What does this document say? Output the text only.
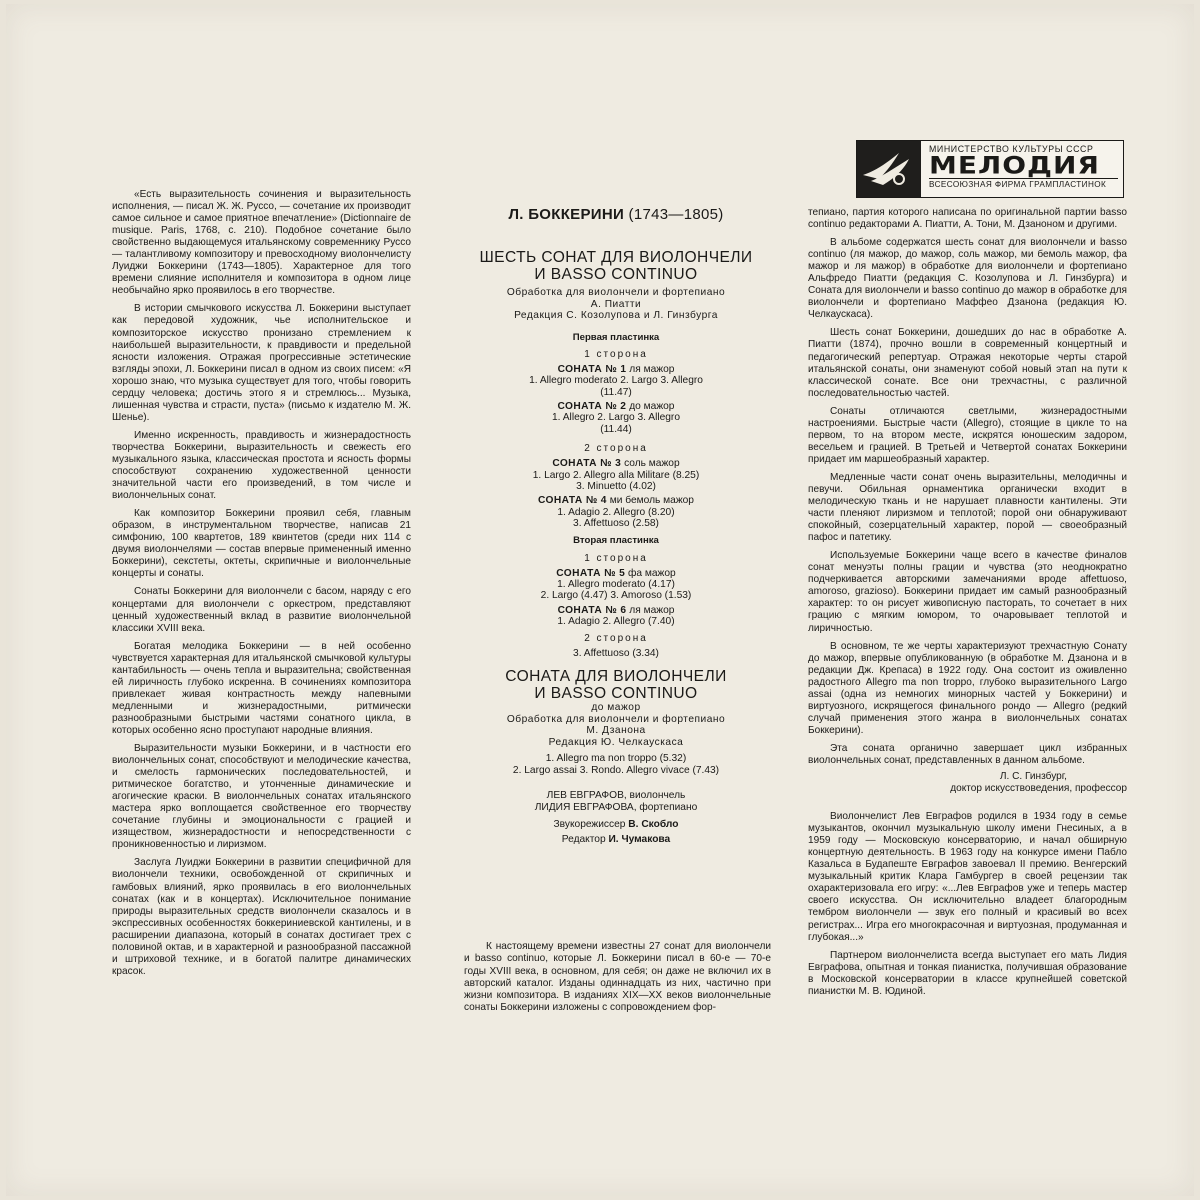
МИНИСТЕРСТВО КУЛЬТУРЫ СССР

МЕЛОДИЯ

ВСЕСОЮЗНАЯ ФИРМА ГРАМПЛАСТИНОК

«Есть выразительность сочинения и выразительность исполнения, — писал Ж. Ж. Руссо, — сочетание их производит самое сильное и самое приятное впечатление» (Dictionnaire de musique. Paris, 1768, с. 210). Подобное сочетание было свойственно выдающемуся итальянскому современнику Руссо — талантливому композитору и превосходному виолончелисту Луиджи Боккерини (1743—1805). Характерное для того времени слияние исполнителя и композитора в одном лице необычайно ярко проявилось в его творчестве.

В истории смычкового искусства Л. Боккерини выступает как передовой художник, чье исполнительское и композиторское искусство пронизано стремлением к наибольшей выразительности, к правдивости и предельной ясности изложения. Отражая прогрессивные эстетические взгляды эпохи, Л. Боккерини писал в одном из своих писем: «Я хорошо знаю, что музыка существует для того, чтобы говорить сердцу человека; достичь этого я и стремлюсь... Музыка, лишенная чувства и страсти, пуста» (письмо к издателю М. Ж. Шенье).

Именно искренность, правдивость и жизнерадостность творчества Боккерини, выразительность и свежесть его музыкального языка, классическая простота и ясность формы способствуют сохранению художественной ценности значительной части его произведений, в том числе и виолончельных сонат.

Как композитор Боккерини проявил себя, главным образом, в инструментальном творчестве, написав 21 симфонию, 100 квартетов, 189 квинтетов (среди них 114 с двумя виолончелями — состав впервые примененный именно Боккерини), секстеты, октеты, скрипичные и виолончельные концерты и сонаты.

Сонаты Боккерини для виолончели с басом, наряду с его концертами для виолончели с оркестром, представляют ценный художественный вклад в развитие виолончельной классики XVIII века.

Богатая мелодика Боккерини — в ней особенно чувствуется характерная для итальянской смычковой культуры кантабильность — очень тепла и выразительна; свойственная ей лиричность глубоко искренна. В сочинениях композитора привлекает живая контрастность между напевными медленными и жизнерадостными, ритмически разнообразными быстрыми частями сонатного цикла, в которых особенно ясно проступают народные влияния.

Выразительности музыки Боккерини, и в частности его виолончельных сонат, способствуют и мелодические качества, и смелость гармонических последовательностей, и ритмическое богатство, и утонченные динамические и агогические краски. В виолончельных сонатах итальянского мастера ярко воплощается свойственное его творчеству сочетание глубины и эмоциональности с грацией и изяществом, жизнерадостности и непосредственности с проникновенностью и лиризмом.

Заслуга Луиджи Боккерини в развитии специфичной для виолончели техники, освобожденной от скрипичных и гамбовых влияний, ярко проявилась в его виолончельных сонатах (как и в концертах). Исключительное понимание природы выразительных средств виолончели сказалось и в экспрессивных особенностях боккериниевской кантилены, и в расширении диапазона, который в сонатах достигает трех с половиной октав, и в характерной и разнообразной пассажной и штриховой технике, и в богатой палитре динамических красок.

Л. БОККЕРИНИ (1743—1805)

ШЕСТЬ СОНАТ ДЛЯ ВИОЛОНЧЕЛИ

И BASSO CONTINUO

Обработка для виолончели и фортепиано

А. Пиатти

Редакция С. Козолупова и Л. Гинзбурга

Первая пластинка

1 сторона

СОНАТА № 1 ля мажор

1. Allegro moderato 2. Largo 3. Allegro

(11.47)

СОНАТА № 2 до мажор

1. Allegro 2. Largo 3. Allegro

(11.44)

2 сторона

СОНАТА № 3 соль мажор

1. Largo 2. Allegro alla Militare (8.25)

3. Minuetto (4.02)

СОНАТА № 4 ми бемоль мажор

1. Adagio 2. Allegro (8.20)

3. Affettuoso (2.58)

Вторая пластинка

1 сторона

СОНАТА № 5 фа мажор

1. Allegro moderato (4.17)

2. Largo (4.47) 3. Amoroso (1.53)

СОНАТА № 6 ля мажор

1. Adagio 2. Allegro (7.40)

2 сторона

3. Affettuoso (3.34)

СОНАТА ДЛЯ ВИОЛОНЧЕЛИ

И BASSO CONTINUO

до мажор

Обработка для виолончели и фортепиано

М. Дзанона

Редакция Ю. Челкаускаса

1. Allegro ma non troppo (5.32)

2. Largo assai 3. Rondo. Allegro vivace (7.43)

ЛЕВ ЕВГРАФОВ, виолончель

ЛИДИЯ ЕВГРАФОВА, фортепиано

Звукорежиссер В. Скобло

Редактор И. Чумакова

К настоящему времени известны 27 сонат для виолончели и basso continuo, которые Л. Боккерини писал в 60-е — 70-е годы XVIII века, в основном, для себя; он даже не включил их в авторский каталог. Изданы одиннадцать из них, частично при жизни композитора. В изданиях XIX—XX веков виолончельные сонаты Боккерини изложены с сопровождением фор-

тепиано, партия которого написана по оригинальной партии basso continuo редакторами А. Пиатти, А. Тони, М. Дзаноном и другими.

В альбоме содержатся шесть сонат для виолончели и basso continuo (ля мажор, до мажор, соль мажор, ми бемоль мажор, фа мажор и ля мажор) в обработке для виолончели и фортепиано Альфредо Пиатти (редакция С. Козолупова и Л. Гинзбурга) и Соната для виолончели и basso continuo до мажор в обработке для виолончели и фортепиано Маффео Дзанона (редакция Ю. Челкаускаса).

Шесть сонат Боккерини, дошедших до нас в обработке А. Пиатти (1874), прочно вошли в современный концертный и педагогический репертуар. Отражая некоторые черты старой итальянской сонаты, они знаменуют собой новый этап на пути к классической сонате. Все они трехчастны, с различной последовательностью частей.

Сонаты отличаются светлыми, жизнерадостными настроениями. Быстрые части (Allegro), стоящие в цикле то на первом, то на втором месте, искрятся юношеским задором, весельем и грацией. В Третьей и Четвертой сонатах Боккерини придает им маршеобразный характер.

Медленные части сонат очень выразительны, мелодичны и певучи. Обильная орнаментика органически входит в мелодическую ткань и не нарушает плавности кантилены. Эти части пленяют лиризмом и теплотой; порой они обнаруживают спокойный, созерцательный характер, порой — своеобразный пафос и патетику.

Используемые Боккерини чаще всего в качестве финалов сонат менуэты полны грации и чувства (это неоднократно подчеркивается авторскими замечаниями вроде affettuoso, amoroso, grazioso). Боккерини придает им самый разнообразный характер: то он рисует живописную пасторать, то сочетает в них грацию с мягким юмором, то очаровывает теплотой и лиричностью.

В основном, те же черты характеризуют трехчастную Сонату до мажор, впервые опубликованную (в обработке М. Дзанона и в редакции Дж. Крепаса) в 1922 году. Она состоит из оживленно радостного Allegro ma non troppo, глубоко выразительного Largo assai (одна из немногих минорных частей у Боккерини) и виртуозного, искрящегося финального рондо — Allegro (редкий случай применения этого жанра в виолончельных сонатах Боккерини).

Эта соната органично завершает цикл избранных виолончельных сонат, представленных в данном альбоме.

Л. С. Гинзбург,

доктор искусствоведения, профессор

Виолончелист Лев Евграфов родился в 1934 году в семье музыкантов, окончил музыкальную школу имени Гнесиных, а в 1959 году — Московскую консерваторию, и начал обширную концертную деятельность. В 1963 году на конкурсе имени Пабло Казальса в Будапеште Евграфов завоевал II премию. Венгерский музыкальный критик Клара Гамбургер в своей рецензии так охарактеризовала его игру: «...Лев Евграфов уже и теперь мастер своего искусства. Он исключительно владеет благородным тембром виолончели — звук его полный и красивый во всех регистрах... Игра его многокрасочная и виртуозная, продуманная и глубокая...»

Партнером виолончелиста всегда выступает его мать Лидия Евграфова, опытная и тонкая пианистка, получившая образование в Московской консерватории в классе крупнейшей советской пианистки М. В. Юдиной.
